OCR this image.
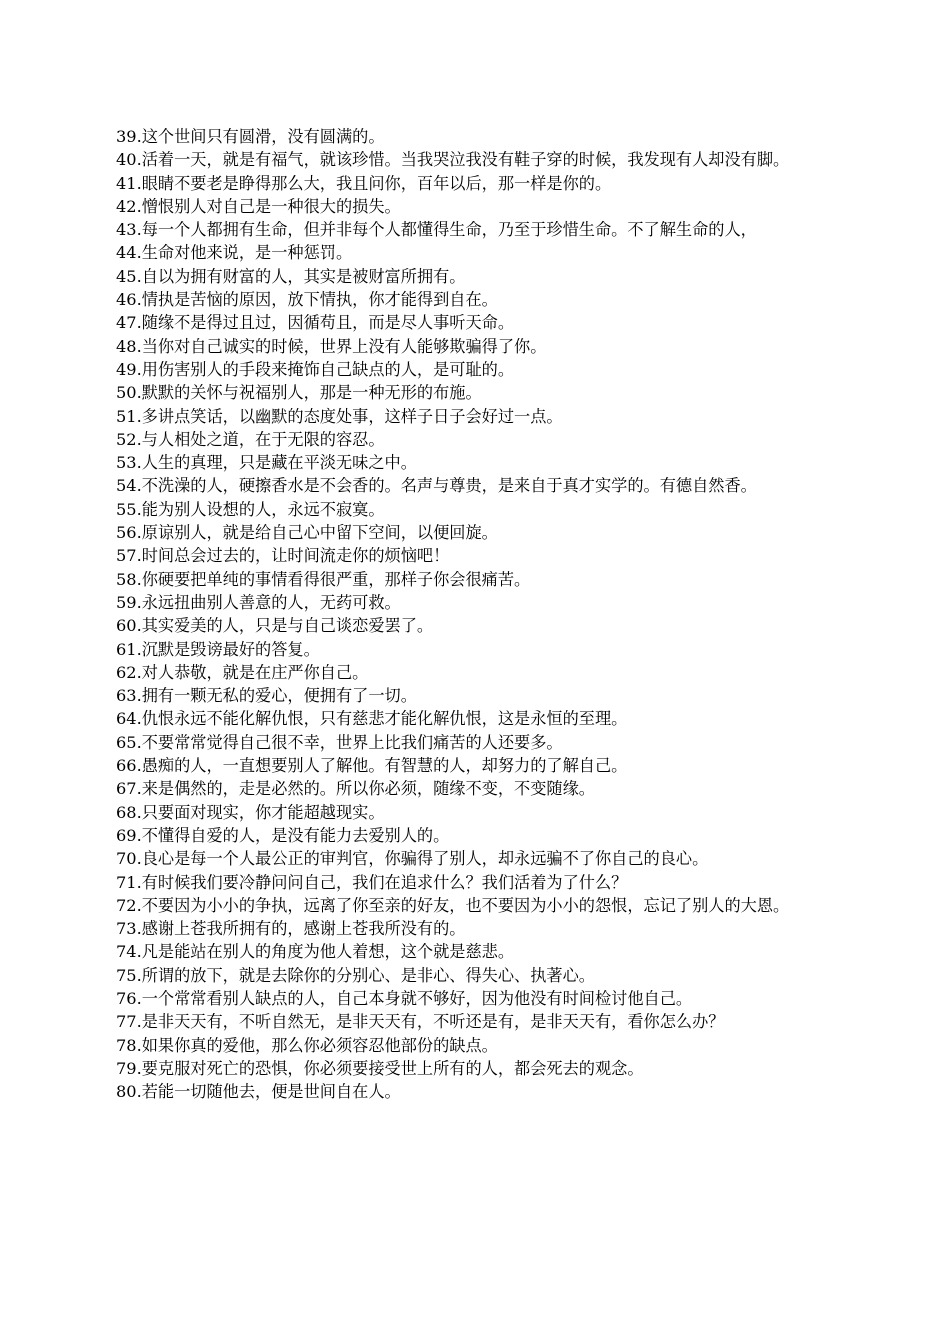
39.这个世间只有圆滑，没有圆满的。

40.活着一天，就是有福气，就该珍惜。当我哭泣我没有鞋子穿的时候，我发现有人却没有脚。

41.眼睛不要老是睁得那么大，我且问你，百年以后，那一样是你的。

42.憎恨别人对自己是一种很大的损失。

43.每一个人都拥有生命，但并非每个人都懂得生命，乃至于珍惜生命。不了解生命的人，

44.生命对他来说，是一种惩罚。

45.自以为拥有财富的人，其实是被财富所拥有。

46.情执是苦恼的原因，放下情执，你才能得到自在。

47.随缘不是得过且过，因循苟且，而是尽人事听天命。

48.当你对自己诚实的时候，世界上没有人能够欺骗得了你。

49.用伤害别人的手段来掩饰自己缺点的人，是可耻的。

50.默默的关怀与祝福别人，那是一种无形的布施。

51.多讲点笑话，以幽默的态度处事，这样子日子会好过一点。

52.与人相处之道，在于无限的容忍。

53.人生的真理，只是藏在平淡无味之中。

54.不洗澡的人，硬擦香水是不会香的。名声与尊贵，是来自于真才实学的。有德自然香。

55.能为别人设想的人，永远不寂寞。

56.原谅别人，就是给自己心中留下空间，以便回旋。

57.时间总会过去的，让时间流走你的烦恼吧！

58.你硬要把单纯的事情看得很严重，那样子你会很痛苦。

59.永远扭曲别人善意的人，无药可救。

60.其实爱美的人，只是与自己谈恋爱罢了。

61.沉默是毁谤最好的答复。

62.对人恭敬，就是在庄严你自己。

63.拥有一颗无私的爱心，便拥有了一切。

64.仇恨永远不能化解仇恨，只有慈悲才能化解仇恨，这是永恒的至理。

65.不要常常觉得自己很不幸，世界上比我们痛苦的人还要多。

66.愚痴的人，一直想要别人了解他。有智慧的人，却努力的了解自己。

67.来是偶然的，走是必然的。所以你必须，随缘不变，不变随缘。

68.只要面对现实，你才能超越现实。

69.不懂得自爱的人，是没有能力去爱别人的。

70.良心是每一个人最公正的审判官，你骗得了别人，却永远骗不了你自己的良心。

71.有时候我们要冷静问问自己，我们在追求什么？我们活着为了什么？

72.不要因为小小的争执，远离了你至亲的好友，也不要因为小小的怨恨，忘记了别人的大恩。

73.感谢上苍我所拥有的，感谢上苍我所没有的。

74.凡是能站在别人的角度为他人着想，这个就是慈悲。

75.所谓的放下，就是去除你的分别心、是非心、得失心、执著心。

76.一个常常看别人缺点的人，自己本身就不够好，因为他没有时间检讨他自己。

77.是非天天有，不听自然无，是非天天有，不听还是有，是非天天有，看你怎么办？

78.如果你真的爱他，那么你必须容忍他部份的缺点。

79.要克服对死亡的恐惧，你必须要接受世上所有的人，都会死去的观念。

80.若能一切随他去，便是世间自在人。
